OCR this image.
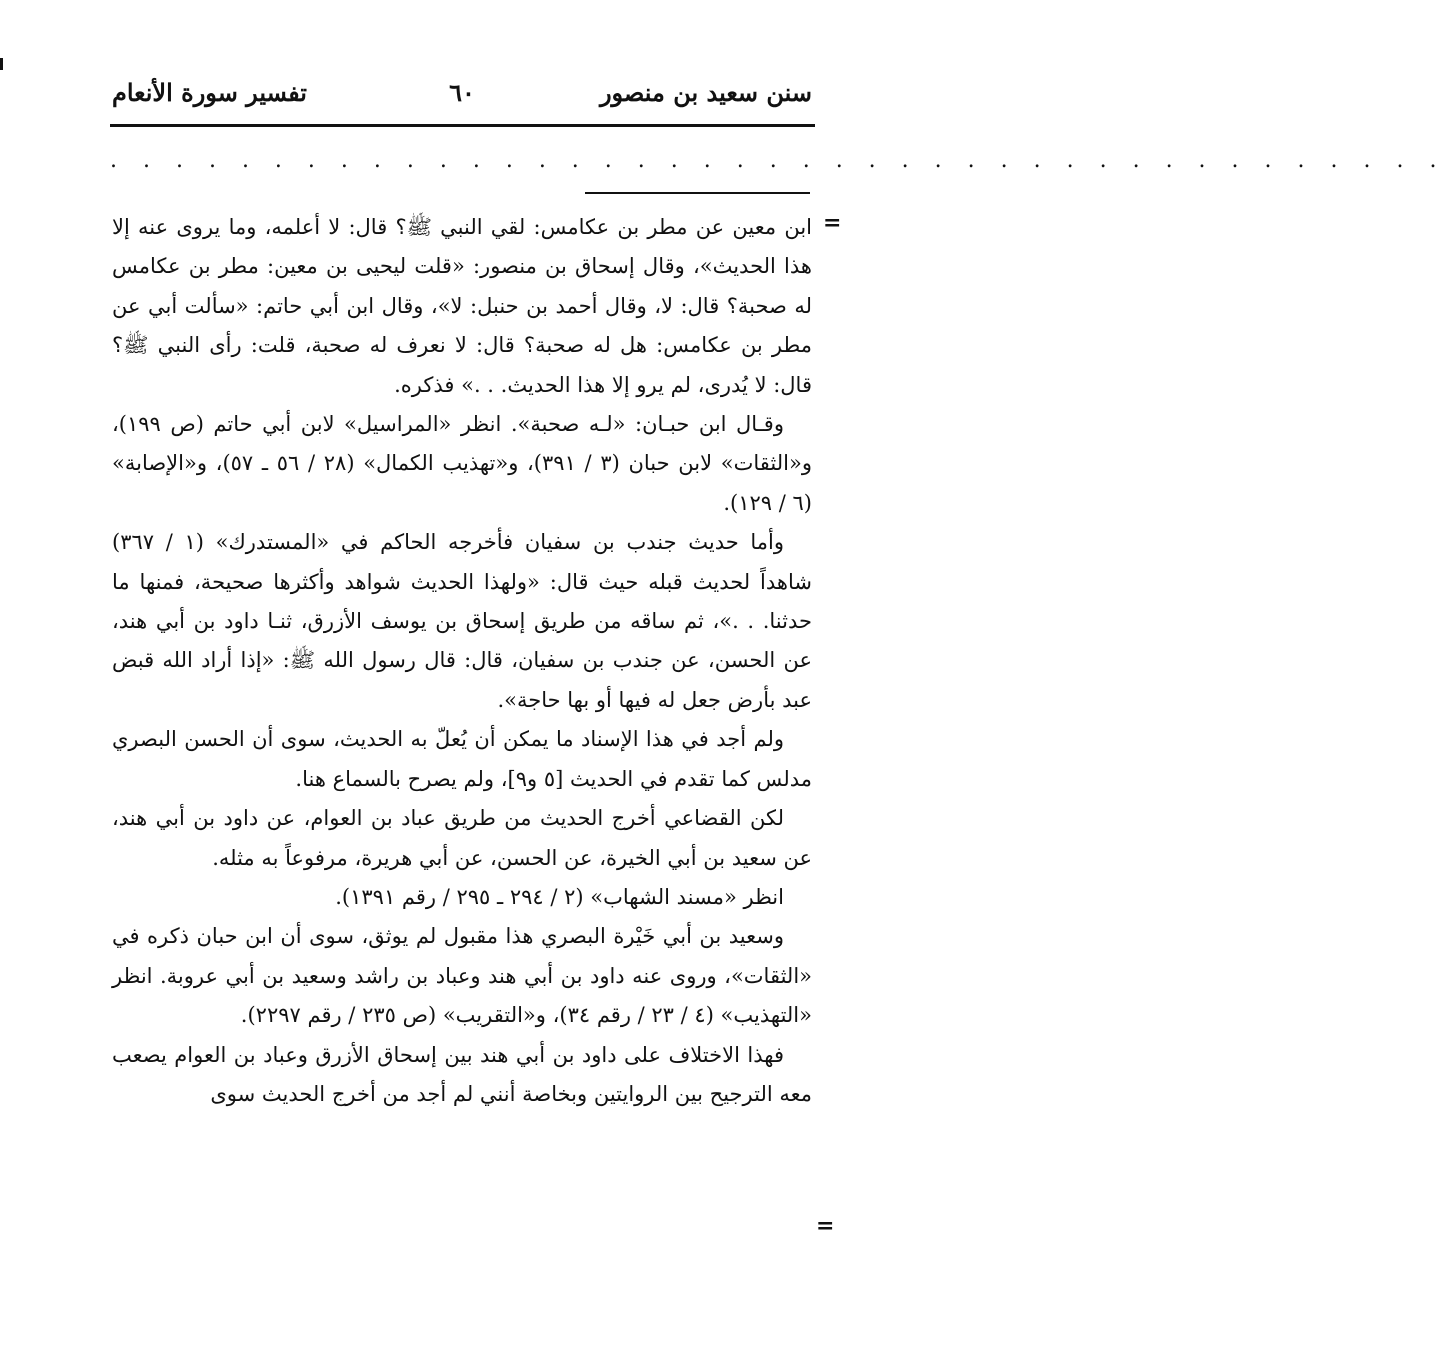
سنن سعيد بن منصور
٦٠
تفسير سورة الأنعام
. . . . . . . . . . . . . . . . . . . . . . . . . . . . . . . . . . . . . . . . .
=

ابن معين عن مطر بن عكامس: لقي النبي ﷺ؟ قال: لا أعلمه، وما يروى عنه إلا هذا الحديث»، وقال إسحاق بن منصور: «قلت ليحيى بن معين: مطر بن عكامس له صحبة؟ قال: لا، وقال أحمد بن حنبل: لا»، وقال ابن أبي حاتم: «سألت أبي عن مطر بن عكامس: هل له صحبة؟ قال: لا نعرف له صحبة، قلت: رأى النبي ﷺ؟ قال: لا يُدرى، لم يرو إلا هذا الحديث. . .» فذكره.

وقـال ابن حبـان: «لـه صحبة». انظر «المراسيل» لابن أبي حاتم (ص ١٩٩)، و«الثقات» لابن حبان (٣ / ٣٩١)، و«تهذيب الكمال» (٢٨ / ٥٦ ـ ٥٧)، و«الإصابة» (٦ / ١٢٩).

وأما حديث جندب بن سفيان فأخرجه الحاكم في «المستدرك» (١ / ٣٦٧) شاهداً لحديث قبله حيث قال: «ولهذا الحديث شواهد وأكثرها صحيحة، فمنها ما حدثنا. . .»، ثم ساقه من طريق إسحاق بن يوسف الأزرق، ثنـا داود بن أبي هند، عن الحسن، عن جندب بن سفيان، قال: قال رسول الله ﷺ: «إذا أراد الله قبض عبد بأرض جعل له فيها أو بها حاجة».

ولم أجد في هذا الإسناد ما يمكن أن يُعلّ به الحديث، سوى أن الحسن البصري مدلس كما تقدم في الحديث [٥ و٩]، ولم يصرح بالسماع هنا.

لكن القضاعي أخرج الحديث من طريق عباد بن العوام، عن داود بن أبي هند، عن سعيد بن أبي الخيرة، عن الحسن، عن أبي هريرة، مرفوعاً به مثله.

انظر «مسند الشهاب» (٢ / ٢٩٤ ـ ٢٩٥ / رقم ١٣٩١).

وسعيد بن أبي خَيْرة البصري هذا مقبول لم يوثق، سوى أن ابن حبان ذكره في «الثقات»، وروى عنه داود بن أبي هند وعباد بن راشد وسعيد بن أبي عروبة. انظر «التهذيب» (٤ / ٢٣ / رقم ٣٤)، و«التقريب» (ص ٢٣٥ / رقم ٢٢٩٧).

فهذا الاختلاف على داود بن أبي هند بين إسحاق الأزرق وعباد بن العوام يصعب معه الترجيح بين الروايتين وبخاصة أنني لم أجد من أخرج الحديث سوى

=
